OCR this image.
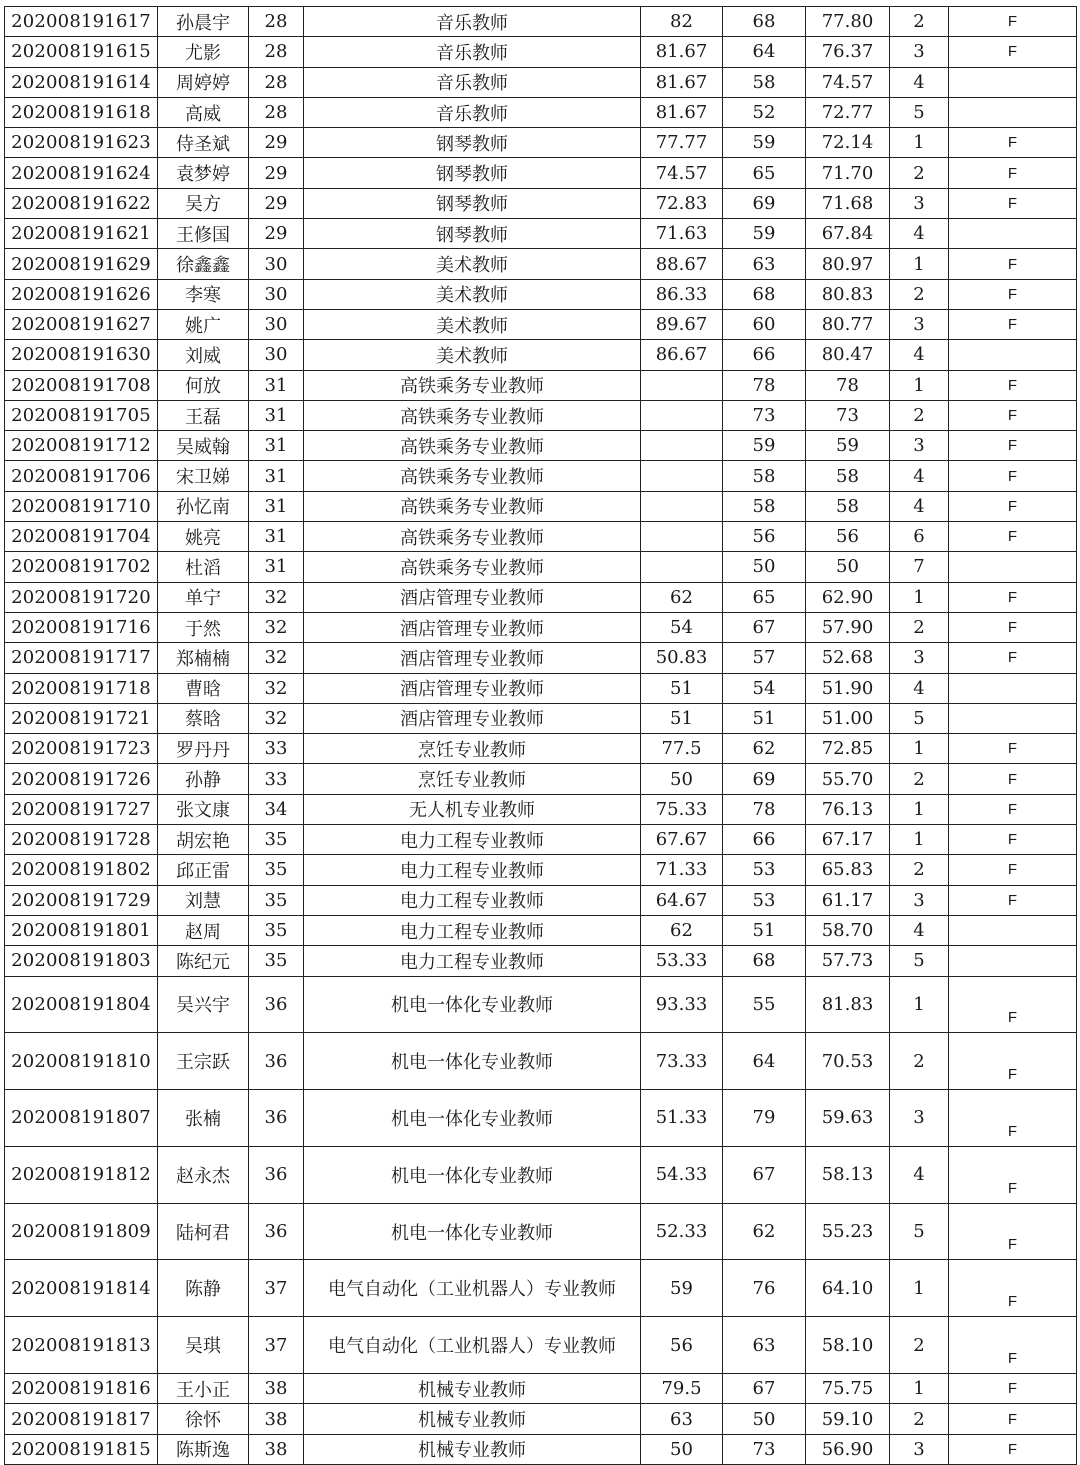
202008191617	孙晨宇	28	音乐教师	82	68	77.80	2	F
202008191615	尤影	28	音乐教师	81.67	64	76.37	3	F
202008191614	周婷婷	28	音乐教师	81.67	58	74.57	4	
202008191618	高威	28	音乐教师	81.67	52	72.77	5	
202008191623	侍圣斌	29	钢琴教师	77.77	59	72.14	1	F
202008191624	袁梦婷	29	钢琴教师	74.57	65	71.70	2	F
202008191622	吴方	29	钢琴教师	72.83	69	71.68	3	F
202008191621	王修国	29	钢琴教师	71.63	59	67.84	4	
202008191629	徐鑫鑫	30	美术教师	88.67	63	80.97	1	F
202008191626	李寒	30	美术教师	86.33	68	80.83	2	F
202008191627	姚广	30	美术教师	89.67	60	80.77	3	F
202008191630	刘威	30	美术教师	86.67	66	80.47	4	
202008191708	何放	31	高铁乘务专业教师		78	78	1	F
202008191705	王磊	31	高铁乘务专业教师		73	73	2	F
202008191712	吴威翰	31	高铁乘务专业教师		59	59	3	F
202008191706	宋卫娣	31	高铁乘务专业教师		58	58	4	F
202008191710	孙忆南	31	高铁乘务专业教师		58	58	4	F
202008191704	姚亮	31	高铁乘务专业教师		56	56	6	F
202008191702	杜滔	31	高铁乘务专业教师		50	50	7	
202008191720	单宁	32	酒店管理专业教师	62	65	62.90	1	F
202008191716	于然	32	酒店管理专业教师	54	67	57.90	2	F
202008191717	郑楠楠	32	酒店管理专业教师	50.83	57	52.68	3	F
202008191718	曹晗	32	酒店管理专业教师	51	54	51.90	4	
202008191721	蔡晗	32	酒店管理专业教师	51	51	51.00	5	
202008191723	罗丹丹	33	烹饪专业教师	77.5	62	72.85	1	F
202008191726	孙静	33	烹饪专业教师	50	69	55.70	2	F
202008191727	张文康	34	无人机专业教师	75.33	78	76.13	1	F
202008191728	胡宏艳	35	电力工程专业教师	67.67	66	67.17	1	F
202008191802	邱正雷	35	电力工程专业教师	71.33	53	65.83	2	F
202008191729	刘慧	35	电力工程专业教师	64.67	53	61.17	3	F
202008191801	赵周	35	电力工程专业教师	62	51	58.70	4	
202008191803	陈纪元	35	电力工程专业教师	53.33	68	57.73	5	
202008191804	吴兴宇	36	机电一体化专业教师	93.33	55	81.83	1	F
202008191810	王宗跃	36	机电一体化专业教师	73.33	64	70.53	2	F
202008191807	张楠	36	机电一体化专业教师	51.33	79	59.63	3	F
202008191812	赵永杰	36	机电一体化专业教师	54.33	67	58.13	4	F
202008191809	陆柯君	36	机电一体化专业教师	52.33	62	55.23	5	F
202008191814	陈静	37	电气自动化（工业机器人）专业教师	59	76	64.10	1	F
202008191813	吴琪	37	电气自动化（工业机器人）专业教师	56	63	58.10	2	F
202008191816	王小正	38	机械专业教师	79.5	67	75.75	1	F
202008191817	徐怀	38	机械专业教师	63	50	59.10	2	F
202008191815	陈斯逸	38	机械专业教师	50	73	56.90	3	F
